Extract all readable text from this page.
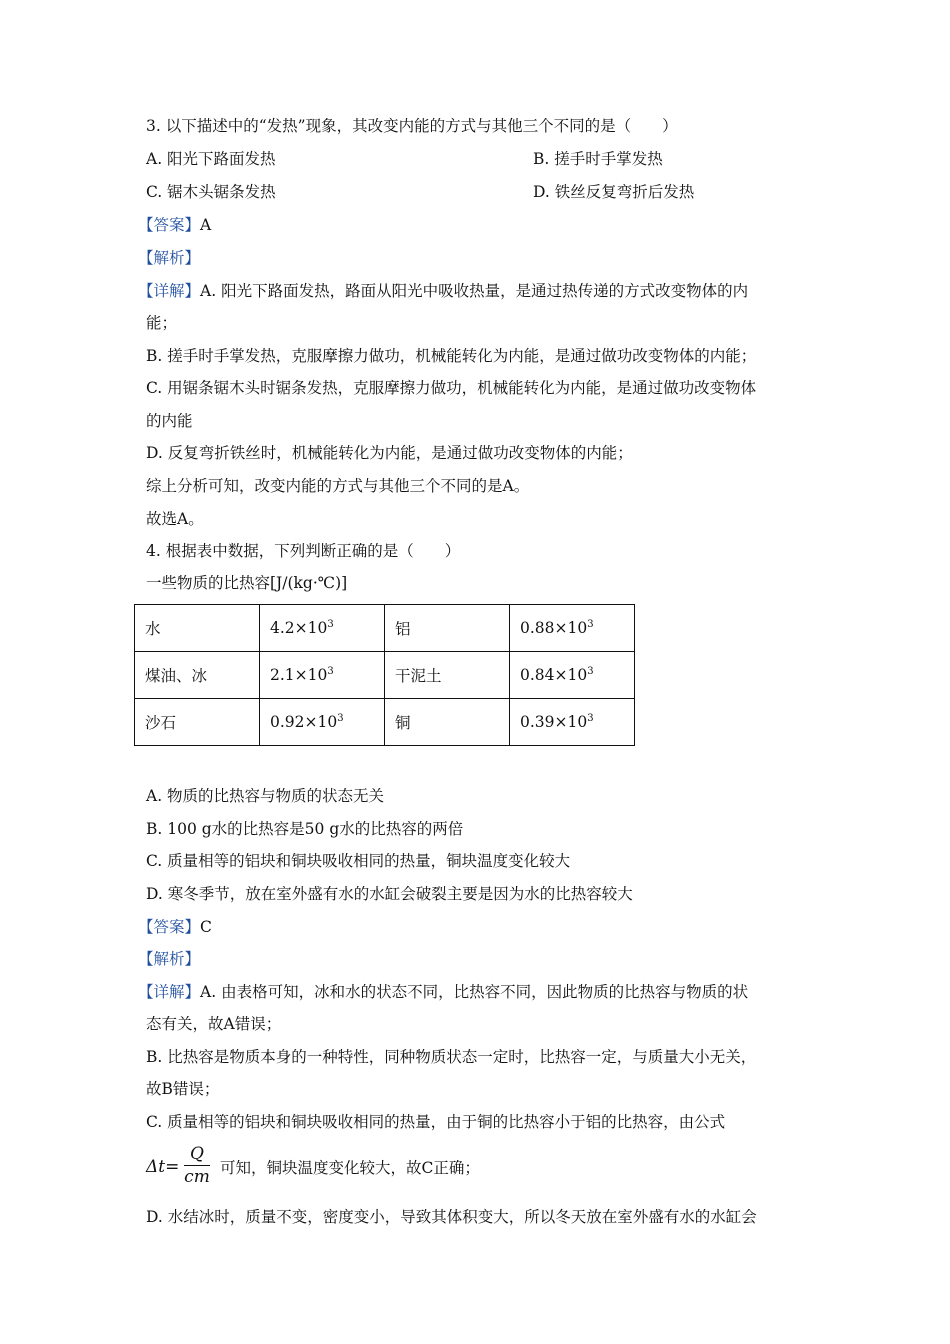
3. 以下描述中的“发热”现象，其改变内能的方式与其他三个不同的是（　　）
A. 阳光下路面发热	B. 搓手时手掌发热
C. 锯木头锯条发热	D. 铁丝反复弯折后发热
【答案】A
【解析】
【详解】A. 阳光下路面发热，路面从阳光中吸收热量，是通过热传递的方式改变物体的内
能；
B. 搓手时手掌发热，克服摩擦力做功，机械能转化为内能，是通过做功改变物体的内能；
C. 用锯条锯木头时锯条发热，克服摩擦力做功，机械能转化为内能，是通过做功改变物体
的内能
D. 反复弯折铁丝时，机械能转化为内能，是通过做功改变物体的内能；
综上分析可知，改变内能的方式与其他三个不同的是A。
故选A。
4. 根据表中数据，下列判断正确的是（　　）
一些物质的比热容[J/(kg·℃)]
水	$4.2\times 10^3$	铝	$0.88\times 10^3$
煤油、冰	$2.1\times 10^3$	干泥土	$0.84\times 10^3$
沙石	$0.92\times 10^3$	铜	$0.39\times 10^3$
A. 物质的比热容与物质的状态无关
B. 100 g水的比热容是50 g水的比热容的两倍
C. 质量相等的铝块和铜块吸收相同的热量，铜块温度变化较大
D. 寒冬季节，放在室外盛有水的水缸会破裂主要是因为水的比热容较大
【答案】C
【解析】
【详解】A. 由表格可知，冰和水的状态不同，比热容不同，因此物质的比热容与物质的状
态有关，故A错误；
B. 比热容是物质本身的一种特性，同种物质状态一定时，比热容一定，与质量大小无关，
故B错误；
C. 质量相等的铝块和铜块吸收相同的热量，由于铜的比热容小于铝的比热容，由公式
Δt=
Q
cm 可知，铜块温度变化较大，故C正确；
D. 水结冰时，质量不变，密度变小，导致其体积变大，所以冬天放在室外盛有水的水缸会
